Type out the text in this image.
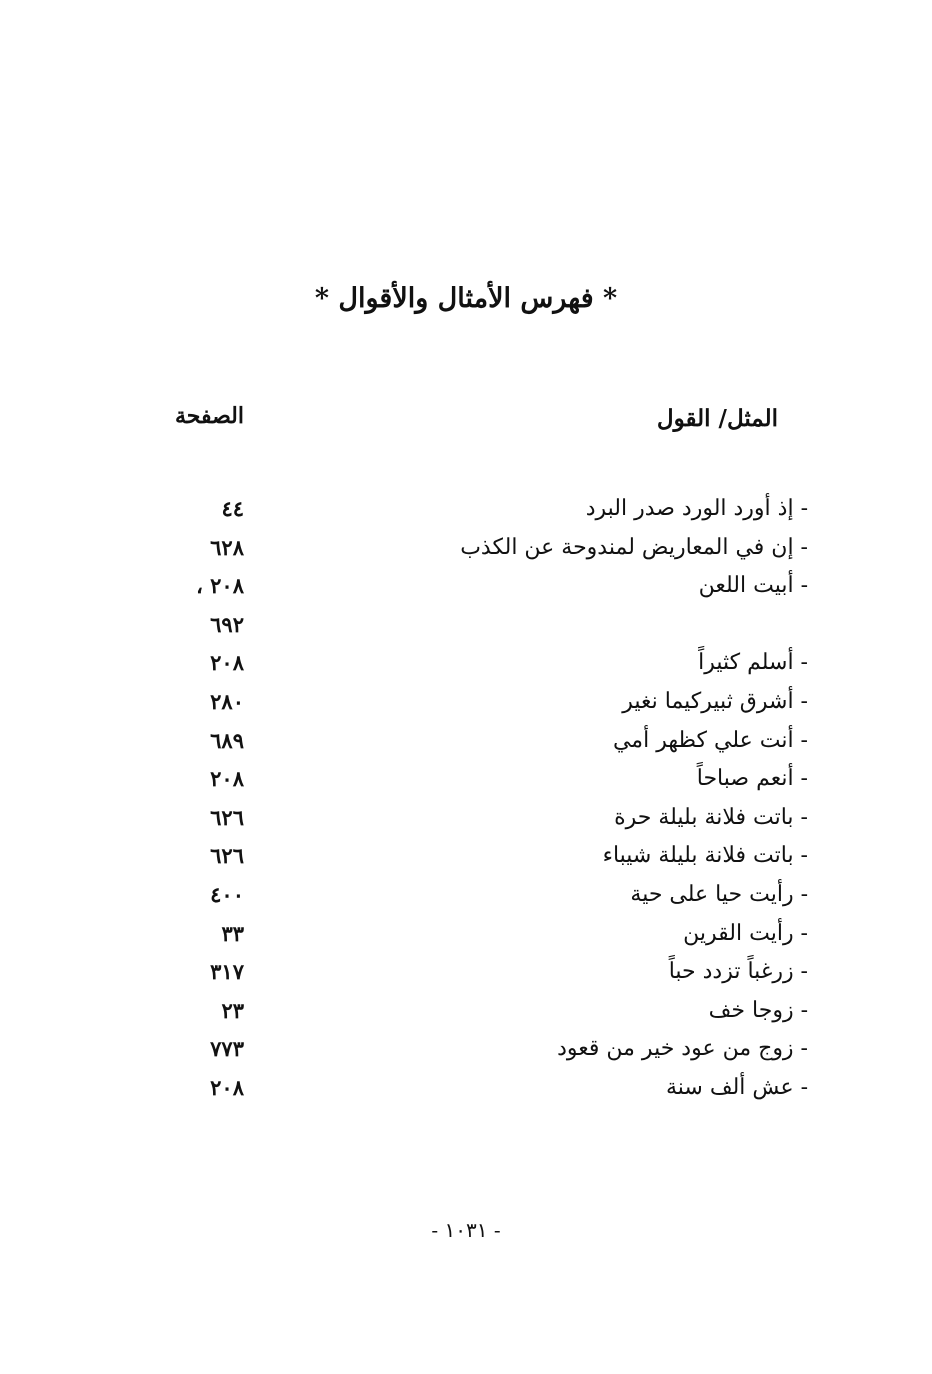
* فهرس الأمثال والأقوال *
المثل/ القول
الصفحة
- إذ أورد الورد صدر البرد
٤٤
- إن في المعاريض لمندوحة عن الكذب
٦٢٨
- أبيت اللعن
٢٠٨ ،
٦٩٢
- أسلم كثيراً
٢٠٨
- أشرق ثبيركيما نغير
٢٨٠
- أنت علي كظهر أمي
٦٨٩
- أنعم صباحاً
٢٠٨
- باتت فلانة بليلة حرة
٦٢٦
- باتت فلانة بليلة شيباء
٦٢٦
- رأيت حيا على حية
٤٠٠
- رأيت القرين
٣٣
- زرغباً تزدد حباً
٣١٧
- زوجا خف
٢٣
- زوج من عود خير من قعود
٧٧٣
- عش ألف سنة
٢٠٨
- ١٠٣١ -
